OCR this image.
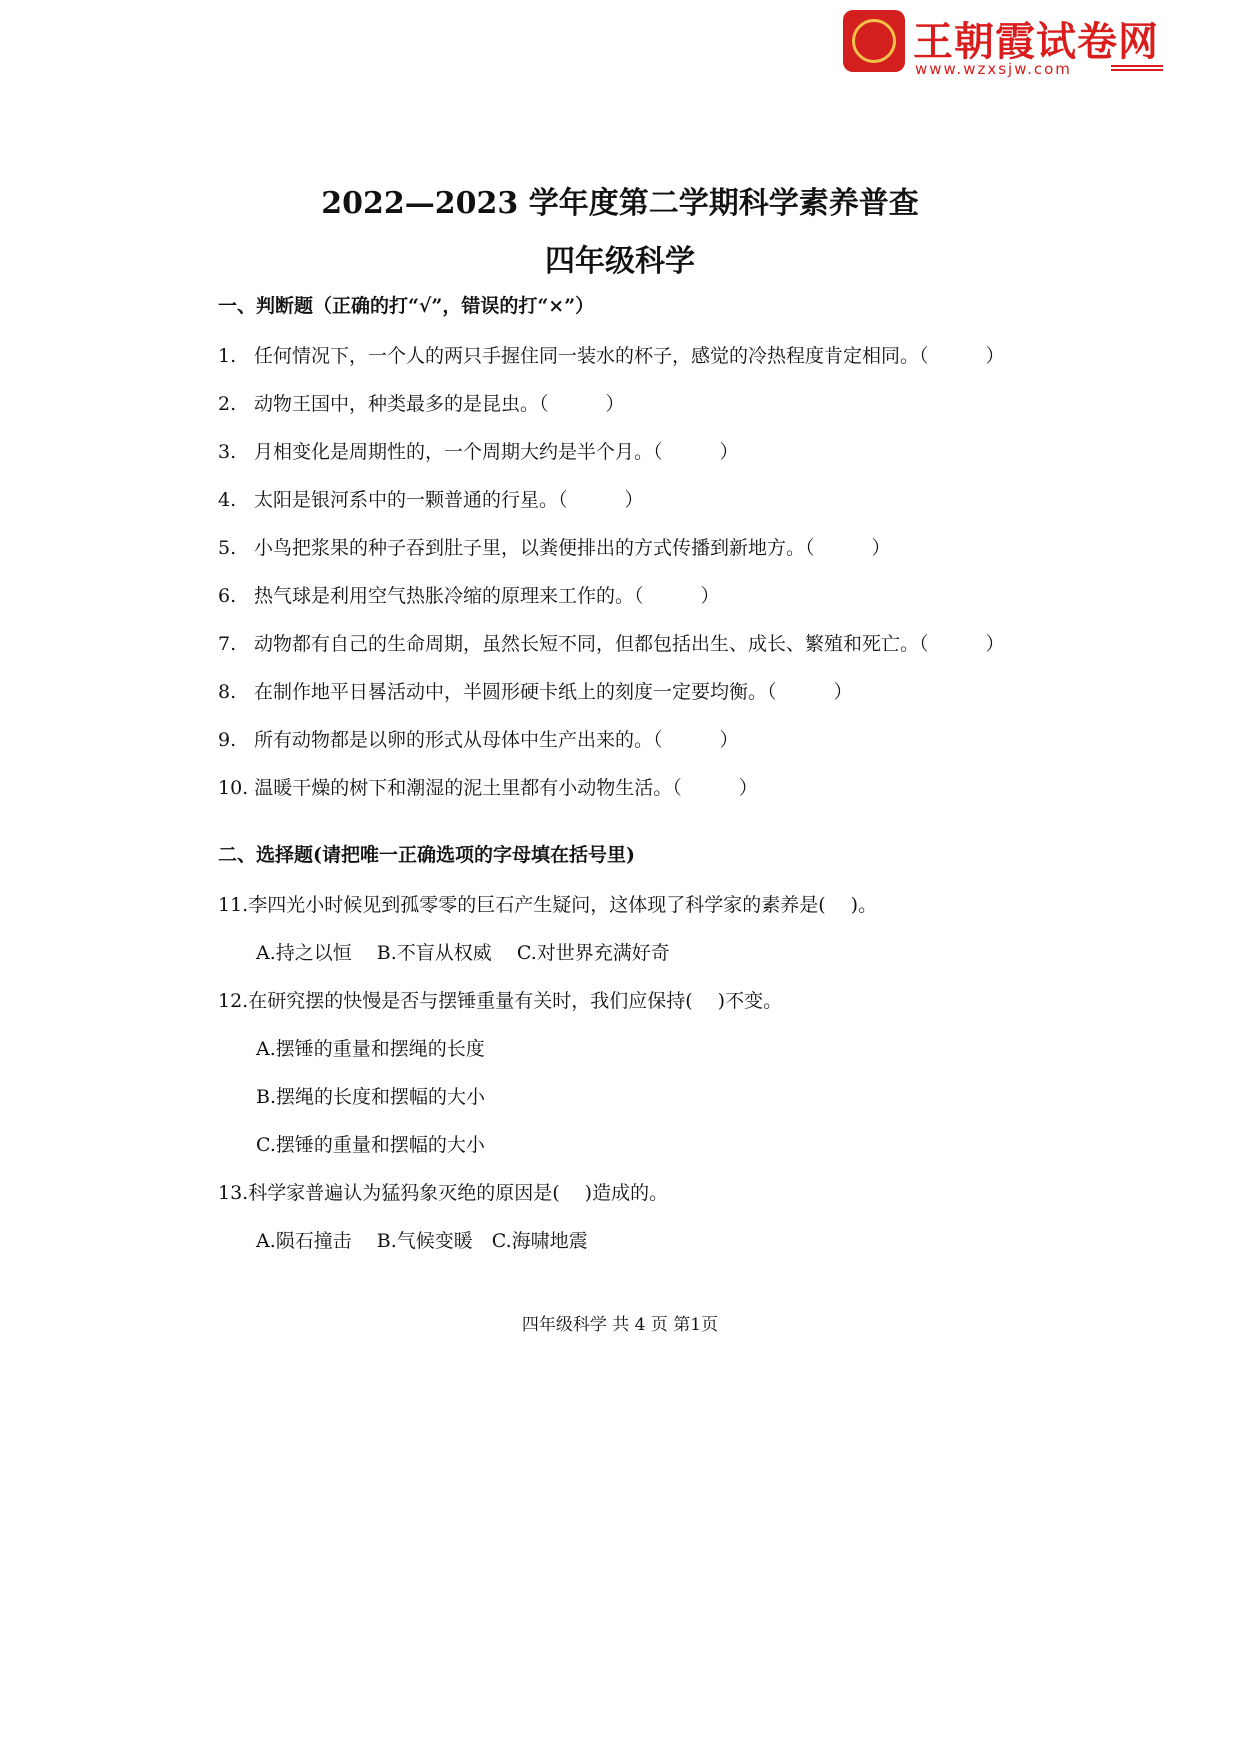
王朝霞试卷网
www.wzxsjw.com
2022—2023 学年度第二学期科学素养普查
四年级科学
一、判断题（正确的打“√”，错误的打“×”）
1. 任何情况下，一个人的两只手握住同一装水的杯子，感觉的冷热程度肯定相同。（　　　）
2. 动物王国中，种类最多的是昆虫。（　　　）
3. 月相变化是周期性的，一个周期大约是半个月。（　　　）
4. 太阳是银河系中的一颗普通的行星。（　　　）
5. 小鸟把浆果的种子吞到肚子里，以粪便排出的方式传播到新地方。（　　　）
6. 热气球是利用空气热胀冷缩的原理来工作的。（　　　）
7. 动物都有自己的生命周期，虽然长短不同，但都包括出生、成长、繁殖和死亡。（　　　）
8. 在制作地平日晷活动中，半圆形硬卡纸上的刻度一定要均衡。（　　　）
9. 所有动物都是以卵的形式从母体中生产出来的。（　　　）
10. 温暖干燥的树下和潮湿的泥土里都有小动物生活。（　　　）
二、选择题(请把唯一正确选项的字母填在括号里)
11.李四光小时候见到孤零零的巨石产生疑问，这体现了科学家的素养是(　 )。
A.持之以恒　 B.不盲从权威　 C.对世界充满好奇
12.在研究摆的快慢是否与摆锤重量有关时，我们应保持(　 )不变。
A.摆锤的重量和摆绳的长度
B.摆绳的长度和摆幅的大小
C.摆锤的重量和摆幅的大小
13.科学家普遍认为猛犸象灭绝的原因是(　 )造成的。
A.陨石撞击　 B.气候变暖　C.海啸地震
四年级科学 共 4 页 第1页
